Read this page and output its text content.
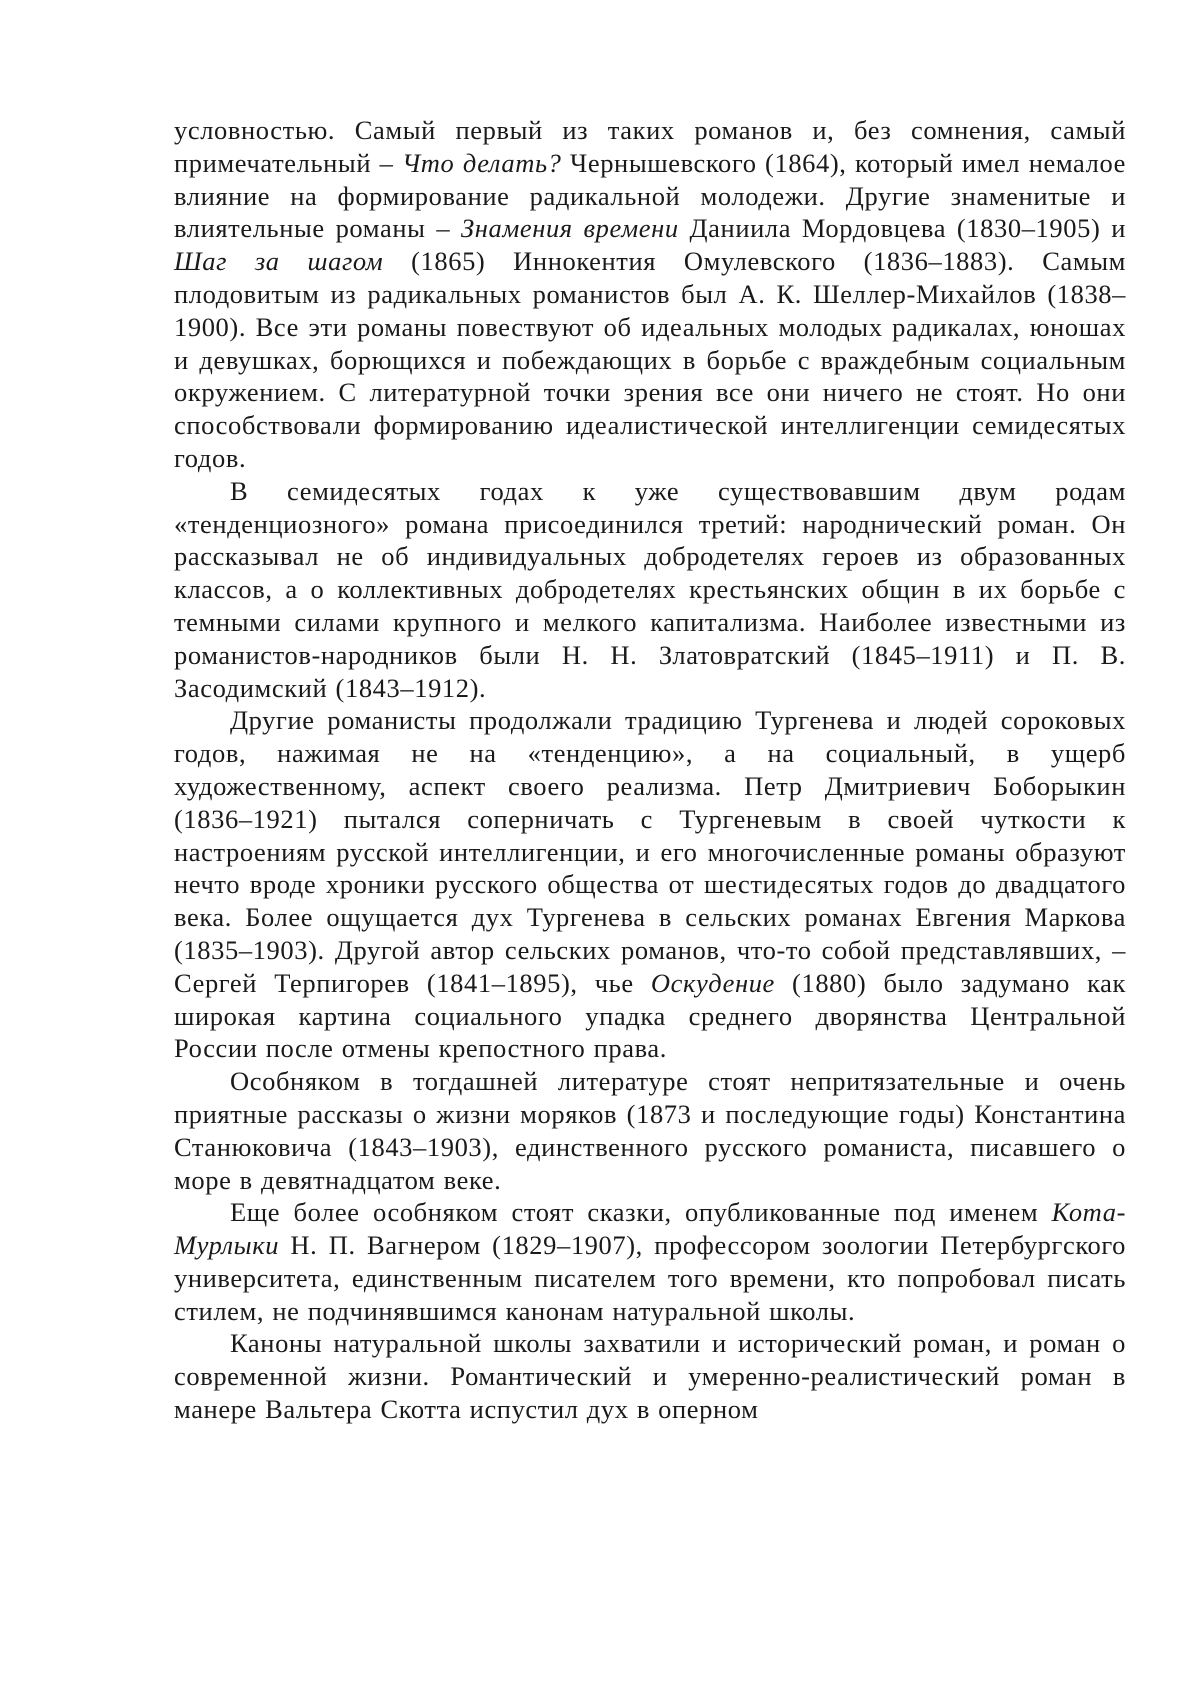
условностью. Самый первый из таких романов и, без сомнения, самый примечательный – Что делать? Чернышевского (1864), который имел немалое влияние на формирование радикальной молодежи. Другие знаменитые и влиятельные романы – Знамения времени Даниила Мордовцева (1830–1905) и Шаг за шагом (1865) Иннокентия Омулевского (1836–1883). Самым плодовитым из радикальных романистов был А. К. Шеллер-Михайлов (1838–1900). Все эти романы повествуют об идеальных молодых радикалах, юношах и девушках, борющихся и побеждающих в борьбе с враждебным социальным окружением. С литературной точки зрения все они ничего не стоят. Но они способствовали формированию идеалистической интеллигенции семидесятых годов.

В семидесятых годах к уже существовавшим двум родам «тенденциозного» романа присоединился третий: народнический роман. Он рассказывал не об индивидуальных добродетелях героев из образованных классов, а о коллективных добродетелях крестьянских общин в их борьбе с темными силами крупного и мелкого капитализма. Наиболее известными из романистов-народников были Н. Н. Златовратский (1845–1911) и П. В. Засодимский (1843–1912).

Другие романисты продолжали традицию Тургенева и людей сороковых годов, нажимая не на «тенденцию», а на социальный, в ущерб художественному, аспект своего реализма. Петр Дмитриевич Боборыкин (1836–1921) пытался соперничать с Тургеневым в своей чуткости к настроениям русской интеллигенции, и его многочисленные романы образуют нечто вроде хроники русского общества от шестидесятых годов до двадцатого века. Более ощущается дух Тургенева в сельских романах Евгения Маркова (1835–1903). Другой автор сельских романов, что-то собой представлявших, – Сергей Терпигорев (1841–1895), чье Оскудение (1880) было задумано как широкая картина социального упадка среднего дворянства Центральной России после отмены крепостного права.

Особняком в тогдашней литературе стоят непритязательные и очень приятные рассказы о жизни моряков (1873 и последующие годы) Константина Станюковича (1843–1903), единственного русского романиста, писавшего о море в девятнадцатом веке.

Еще более особняком стоят сказки, опубликованные под именем Кота-Мурлыки Н. П. Вагнером (1829–1907), профессором зоологии Петербургского университета, единственным писателем того времени, кто попробовал писать стилем, не подчинявшимся канонам натуральной школы.

Каноны натуральной школы захватили и исторический роман, и роман о современной жизни. Романтический и умеренно-реалистический роман в манере Вальтера Скотта испустил дух в оперном
